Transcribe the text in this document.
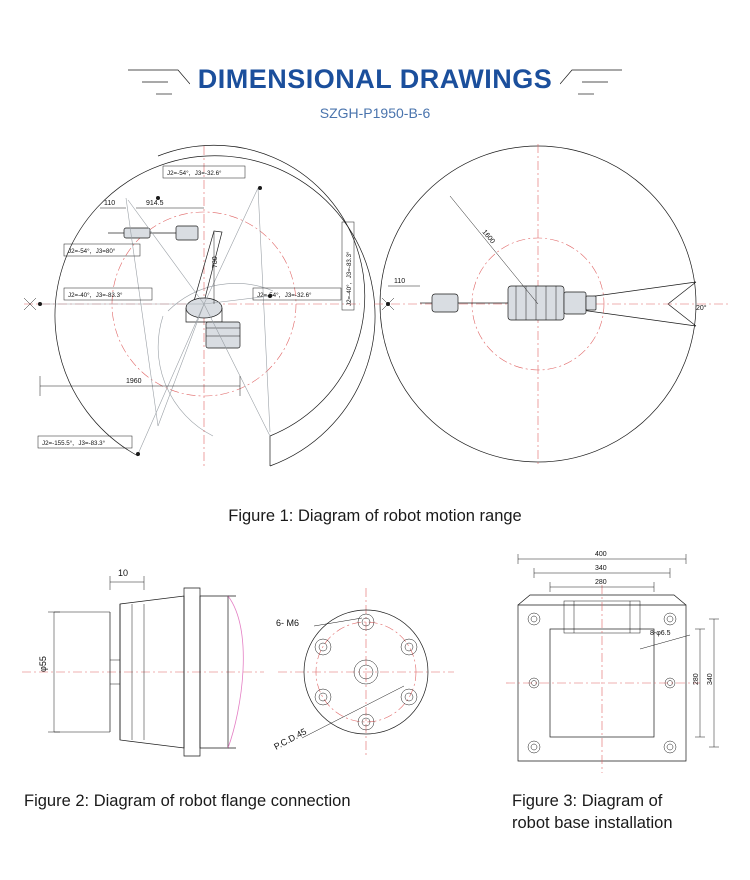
DIMENSIONAL DRAWINGS
SZGH-P1950-B-6
J2=-54°，J3=-32.6°
J2=-54°，J3=80°
J2=-40°，J3=-83.3°	J2=-54°，J3=-32.6°	J2=-40°，J3=-83.3°
J2=-155.5°，J3=-83.3°
110	914.5
780
1960
1600
110
20°
Figure 1: Diagram of robot motion range
10
φ55
6- M6
P.C.D.45
Figure 2: Diagram of robot flange connection
400
340
280
280 340
8-φ6.5
Figure 3: Diagram of
robot base installation
